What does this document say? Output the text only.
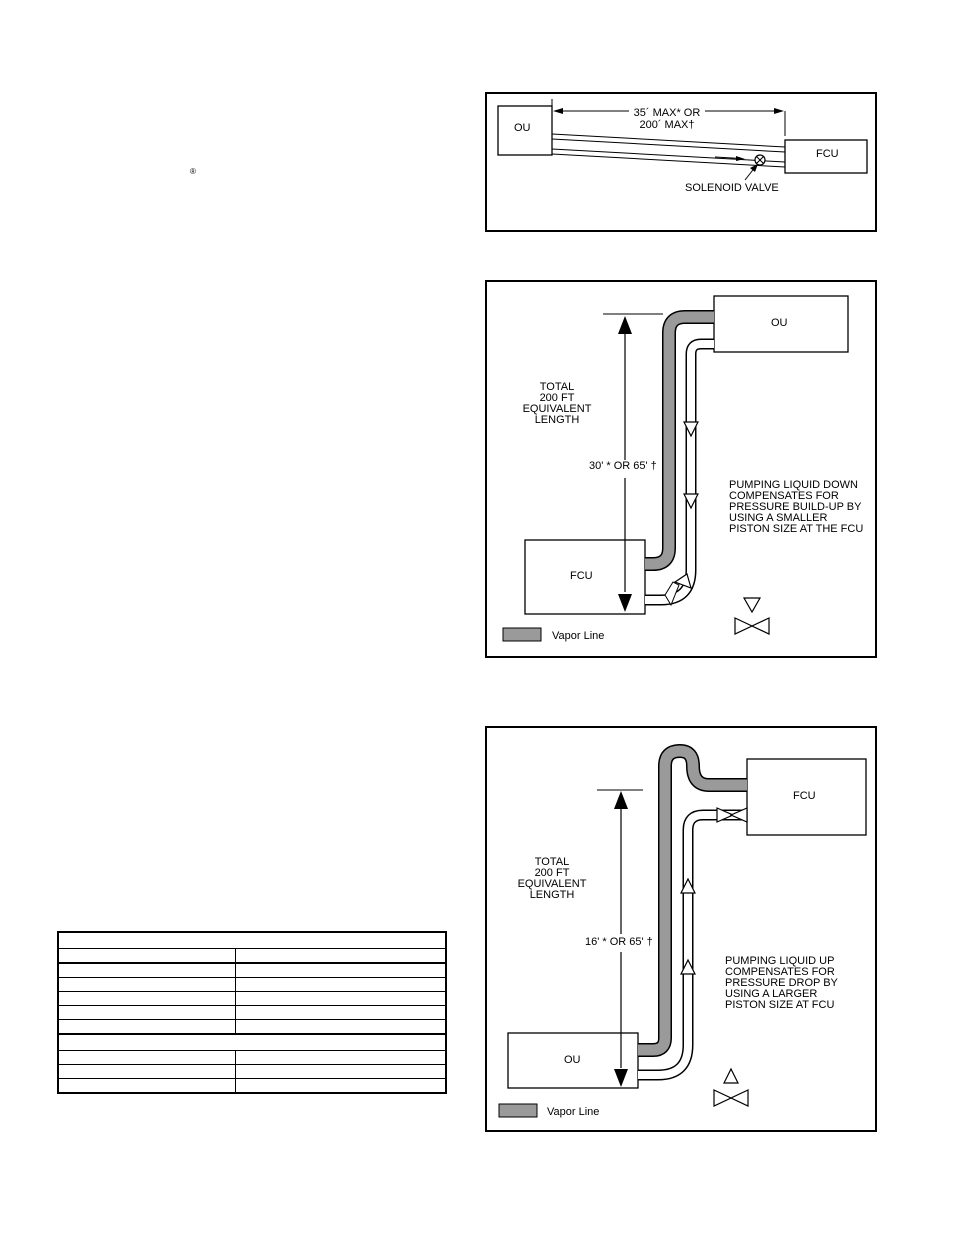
®
OU
FCU
35´ MAX* OR
200´ MAX†
SOLENOID VALVE
OU
FCU
TOTAL
200 FT
EQUIVALENT
LENGTH
30' * OR 65' †
PUMPING LIQUID DOWN
COMPENSATES FOR
PRESSURE BUILD-UP BY
USING A SMALLER
PISTON SIZE AT THE FCU
Vapor Line
FCU
OU
TOTAL
200 FT
EQUIVALENT
LENGTH
16' * OR 65' †
PUMPING LIQUID UP
COMPENSATES FOR
PRESSURE DROP BY
USING A LARGER
PISTON SIZE AT FCU
Vapor Line
